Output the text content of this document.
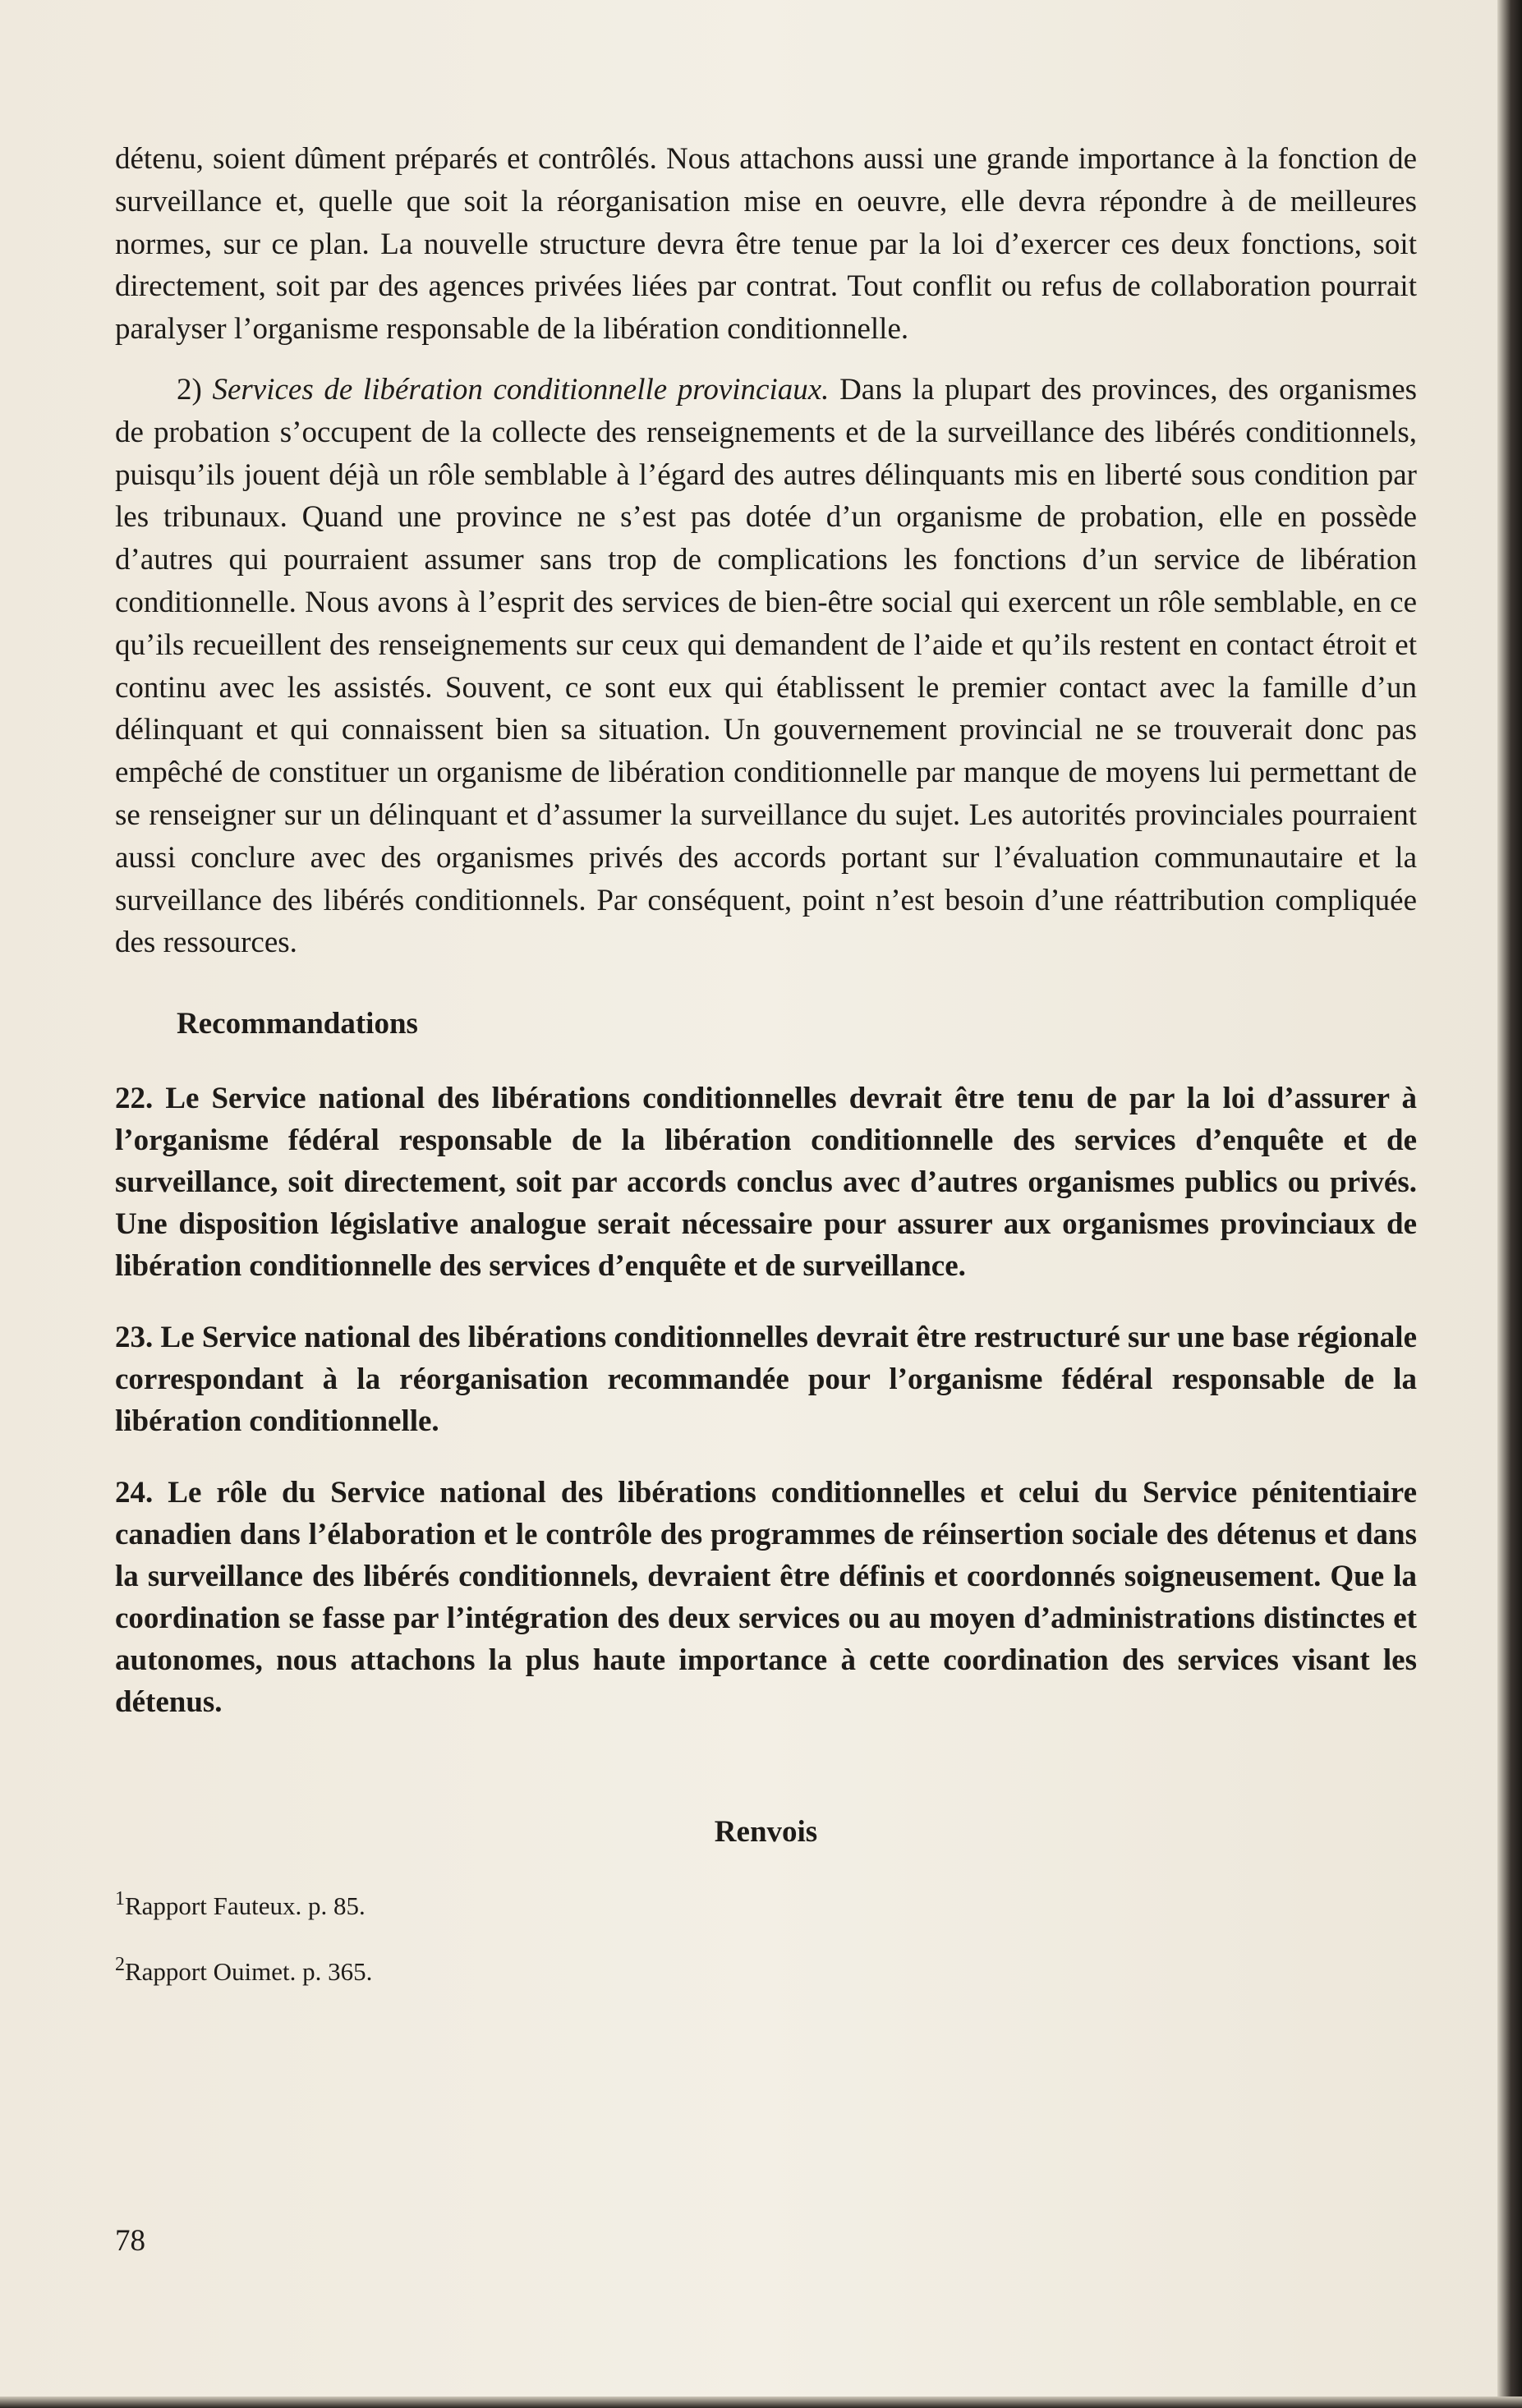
détenu, soient dûment préparés et contrôlés. Nous attachons aussi une grande importance à la fonction de surveillance et, quelle que soit la réorganisation mise en oeuvre, elle devra répondre à de meilleures normes, sur ce plan. La nouvelle structure devra être tenue par la loi d’exercer ces deux fonctions, soit directement, soit par des agences privées liées par contrat. Tout conflit ou refus de collaboration pourrait paralyser l’organisme responsable de la libération conditionnelle.

2) Services de libération conditionnelle provinciaux. Dans la plupart des provinces, des organismes de probation s’occupent de la collecte des renseignements et de la surveillance des libérés conditionnels, puisqu’ils jouent déjà un rôle semblable à l’égard des autres délinquants mis en liberté sous condition par les tribunaux. Quand une province ne s’est pas dotée d’un organisme de probation, elle en possède d’autres qui pourraient assumer sans trop de complications les fonctions d’un service de libération conditionnelle. Nous avons à l’esprit des services de bien-être social qui exercent un rôle semblable, en ce qu’ils recueillent des renseignements sur ceux qui demandent de l’aide et qu’ils restent en contact étroit et continu avec les assistés. Souvent, ce sont eux qui établissent le premier contact avec la famille d’un délinquant et qui connaissent bien sa situation. Un gouvernement provincial ne se trouverait donc pas empêché de constituer un organisme de libération conditionnelle par manque de moyens lui permettant de se renseigner sur un délinquant et d’assumer la surveillance du sujet. Les autorités provinciales pourraient aussi conclure avec des organismes privés des accords portant sur l’évaluation communautaire et la surveillance des libérés conditionnels. Par conséquent, point n’est besoin d’une réattribution compliquée des ressources.

Recommandations

22. Le Service national des libérations conditionnelles devrait être tenu de par la loi d’assurer à l’organisme fédéral responsable de la libération conditionnelle des services d’enquête et de surveillance, soit directement, soit par accords conclus avec d’autres organismes publics ou privés. Une disposition législative analogue serait nécessaire pour assurer aux organismes provinciaux de libération conditionnelle des services d’enquête et de surveillance.

23. Le Service national des libérations conditionnelles devrait être restructuré sur une base régionale correspondant à la réorganisation recommandée pour l’organisme fédéral responsable de la libération conditionnelle.

24. Le rôle du Service national des libérations conditionnelles et celui du Service pénitentiaire canadien dans l’élaboration et le contrôle des programmes de réinsertion sociale des détenus et dans la surveillance des libérés conditionnels, devraient être définis et coordonnés soigneusement. Que la coordination se fasse par l’intégration des deux services ou au moyen d’administrations distinctes et autonomes, nous attachons la plus haute importance à cette coordination des services visant les détenus.

Renvois

$^1$Rapport Fauteux. p. 85.

$^2$Rapport Ouimet. p. 365.

78
